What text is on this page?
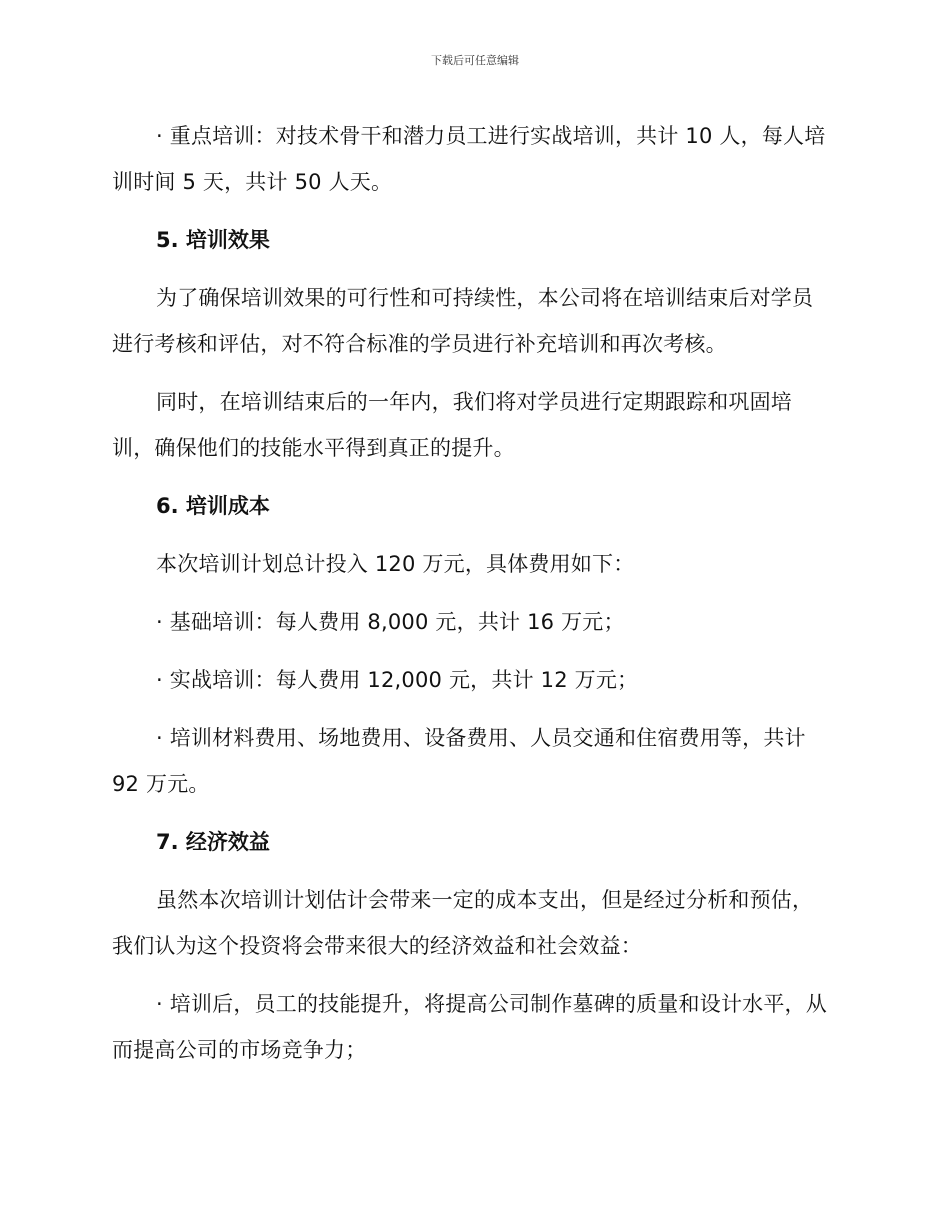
下载后可任意编辑

· 重点培训：对技术骨干和潜力员工进行实战培训，共计 10 人，每人培训时间 5 天，共计 50 人天。

5. 培训效果

为了确保培训效果的可行性和可持续性，本公司将在培训结束后对学员进行考核和评估，对不符合标准的学员进行补充培训和再次考核。

同时，在培训结束后的一年内，我们将对学员进行定期跟踪和巩固培训，确保他们的技能水平得到真正的提升。

6. 培训成本

本次培训计划总计投入 120 万元，具体费用如下：

· 基础培训：每人费用 8,000 元，共计 16 万元；

· 实战培训：每人费用 12,000 元，共计 12 万元；

· 培训材料费用、场地费用、设备费用、人员交通和住宿费用等，共计 92 万元。

7. 经济效益

虽然本次培训计划估计会带来一定的成本支出，但是经过分析和预估，我们认为这个投资将会带来很大的经济效益和社会效益：

· 培训后，员工的技能提升，将提高公司制作墓碑的质量和设计水平，从而提高公司的市场竞争力；
